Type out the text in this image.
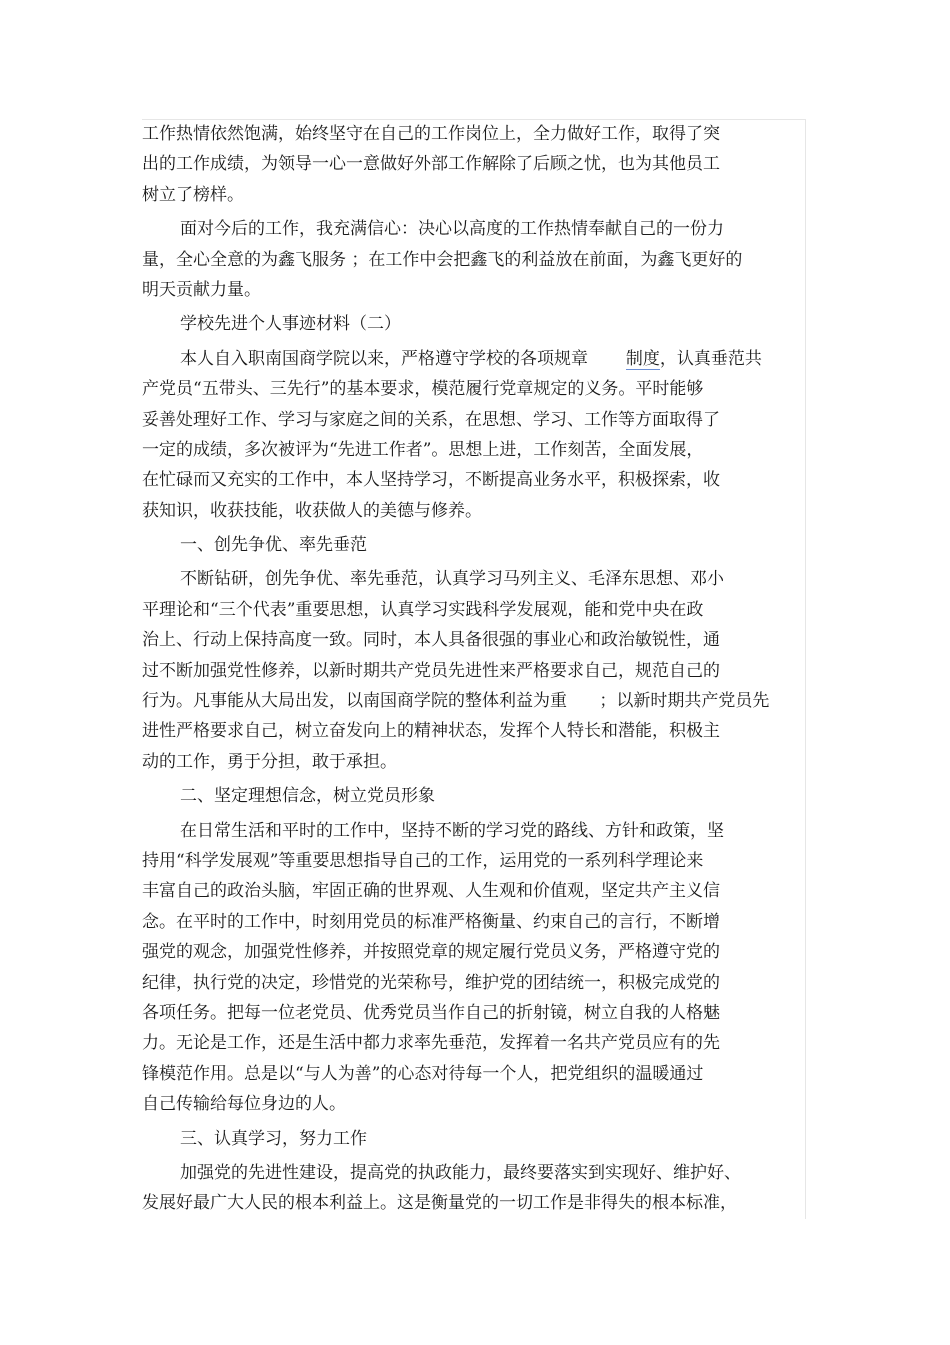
工作热情依然饱满，始终坚守在自己的工作岗位上，全力做好工作，取得了突
出的工作成绩，为领导一心一意做好外部工作解除了后顾之忧，也为其他员工
树立了榜样。
面对今后的工作，我充满信心：决心以高度的工作热情奉献自己的一份力
量，全心全意的为鑫飞服务 ；在工作中会把鑫飞的利益放在前面，为鑫飞更好的
明天贡献力量。
学校先进个人事迹材料（二）
本人自入职南国商学院以来，严格遵守学校的各项规章       制度，认真垂范共
产党员“五带头、三先行”的基本要求，模范履行党章规定的义务。平时能够
妥善处理好工作、学习与家庭之间的关系，在思想、学习、工作等方面取得了
一定的成绩，多次被评为“先进工作者”。思想上进，工作刻苦，全面发展，
在忙碌而又充实的工作中，本人坚持学习，不断提高业务水平，积极探索，收
获知识，收获技能，收获做人的美德与修养。
一、创先争优、率先垂范
不断钻研，创先争优、率先垂范，认真学习马列主义、毛泽东思想、邓小
平理论和“三个代表”重要思想，认真学习实践科学发展观，能和党中央在政
治上、行动上保持高度一致。同时，本人具备很强的事业心和政治敏锐性，通
过不断加强党性修养，以新时期共产党员先进性来严格要求自己，规范自己的
行为。凡事能从大局出发，以南国商学院的整体利益为重      ；以新时期共产党员先
进性严格要求自己，树立奋发向上的精神状态，发挥个人特长和潜能，积极主
动的工作，勇于分担，敢于承担。
二、坚定理想信念，树立党员形象
在日常生活和平时的工作中，坚持不断的学习党的路线、方针和政策，坚
持用“科学发展观”等重要思想指导自己的工作，运用党的一系列科学理论来
丰富自己的政治头脑，牢固正确的世界观、人生观和价值观，坚定共产主义信
念。在平时的工作中，时刻用党员的标准严格衡量、约束自己的言行，不断增
强党的观念，加强党性修养，并按照党章的规定履行党员义务，严格遵守党的
纪律，执行党的决定，珍惜党的光荣称号，维护党的团结统一，积极完成党的
各项任务。把每一位老党员、优秀党员当作自己的折射镜，树立自我的人格魅
力。无论是工作，还是生活中都力求率先垂范，发挥着一名共产党员应有的先
锋模范作用。总是以“与人为善”的心态对待每一个人，把党组织的温暖通过
自己传输给每位身边的人。
三、认真学习，努力工作
加强党的先进性建设，提高党的执政能力，最终要落实到实现好、维护好、
发展好最广大人民的根本利益上。这是衡量党的一切工作是非得失的根本标准，
